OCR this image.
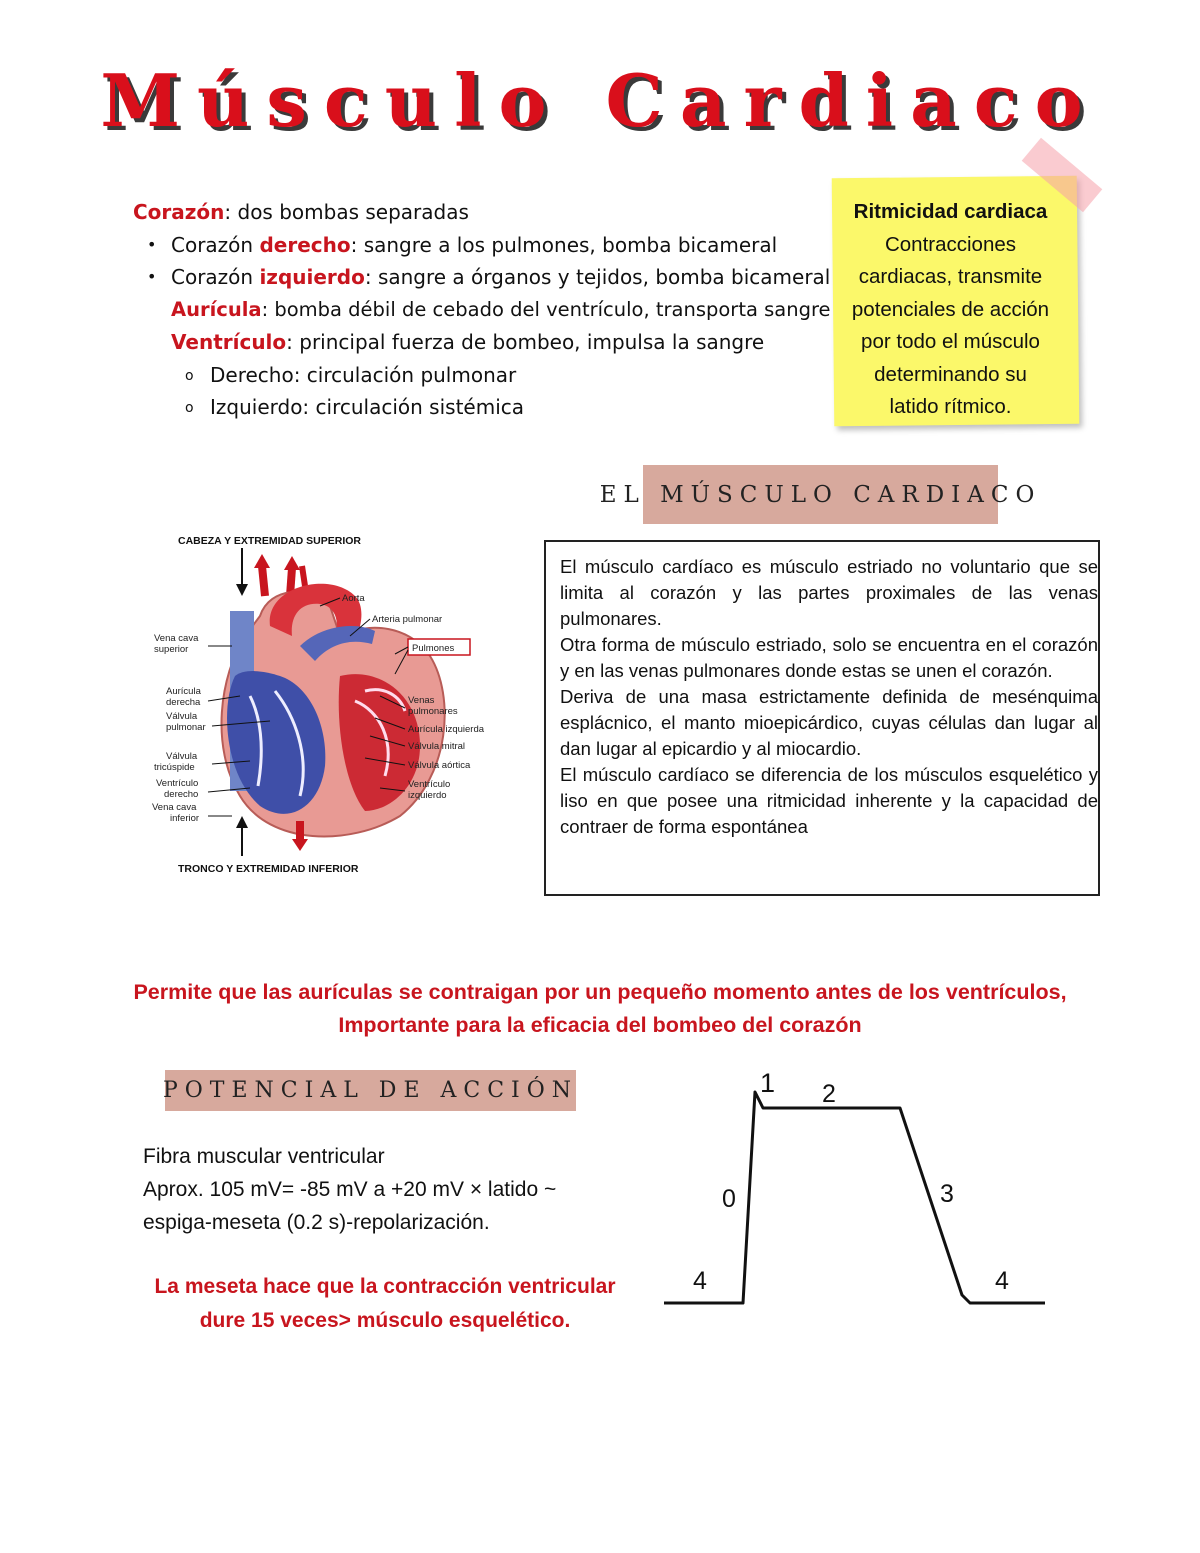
Músculo Cardiaco
Corazón: dos bombas separadas
• Corazón derecho: sangre a los pulmones, bomba bicameral
• Corazón izquierdo: sangre a órganos y tejidos, bomba bicameral
Aurícula: bomba débil de cebado del ventrículo, transporta sangre
Ventrículo: principal fuerza de bombeo, impulsa la sangre
o Derecho: circulación pulmonar
o Izquierdo: circulación sistémica
Ritmicidad cardiaca
Contracciones
cardiacas, transmite
potenciales de acción
por todo el músculo
determinando su
latido rítmico.
EL MÚSCULO CARDIACO
CABEZA Y EXTREMIDAD SUPERIOR
TRONCO Y EXTREMIDAD INFERIOR
Pulmones
Aorta
Arteria pulmonar
Venas
pulmonares
Aurícula izquierda
Válvula mitral
Válvula aórtica
Ventrículo
izquierdo
Vena cava
superior
Aurícula
derecha
Válvula
pulmonar
Válvula
tricúspide
Ventrículo
derecho
Vena cava
inferior

El músculo cardíaco es músculo estriado no voluntario que se limita al corazón y las partes proximales de las venas pulmonares.

Otra forma de músculo estriado, solo se encuentra en el corazón y en las venas pulmonares donde estas se unen el corazón.

Deriva de una masa estrictamente definida de mesénquima esplácnico, el manto mioepicárdico, cuyas células dan lugar al dan lugar al epicardio y al miocardio.

El músculo cardíaco se diferencia de los músculos esquelético y liso en que posee una ritmicidad inherente y la capacidad de contraer de forma espontánea

Permite que las aurículas se contraigan por un pequeño momento antes de los ventrículos,
Importante para la eficacia del bombeo del corazón
POTENCIAL DE ACCIÓN
Fibra muscular ventricular
Aprox. 105 mV= -85 mV a +20 mV × latido ~
espiga-meseta (0.2 s)-repolarización.
La meseta hace que la contracción ventricular
dure 15 veces> músculo esquelético.
1 2
0	3
4	4
